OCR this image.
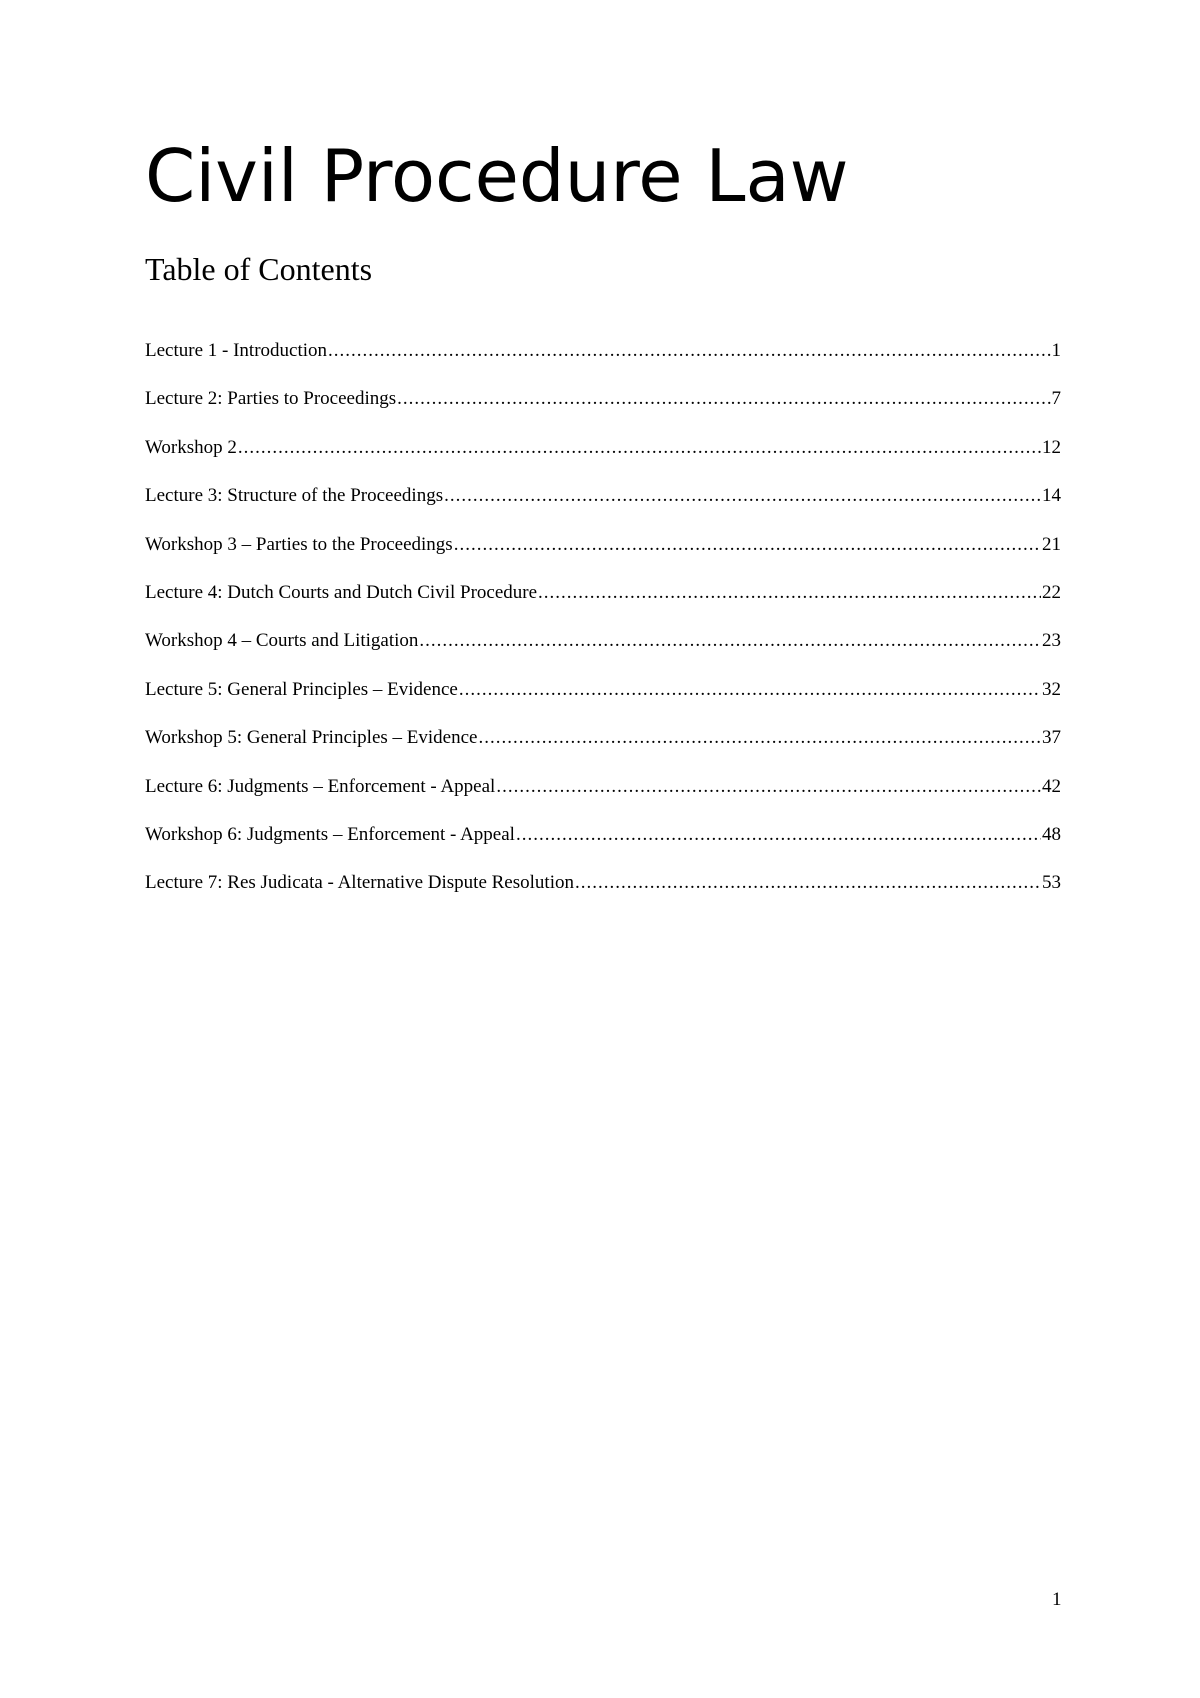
Civil Procedure Law
Table of Contents
Lecture 1 - Introduction .....	1
Lecture 2: Parties to Proceedings .....	7
Workshop 2 .....	12
Lecture 3: Structure of the Proceedings .....	14
Workshop 3 – Parties to the Proceedings .....	21
Lecture 4: Dutch Courts and Dutch Civil Procedure .....	22
Workshop 4 – Courts and Litigation .....	23
Lecture 5: General Principles – Evidence .....	32
Workshop 5: General Principles – Evidence .....	37
Lecture 6: Judgments – Enforcement - Appeal .....	42
Workshop 6: Judgments – Enforcement - Appeal .....	48
Lecture 7: Res Judicata - Alternative Dispute Resolution .....	53
1
